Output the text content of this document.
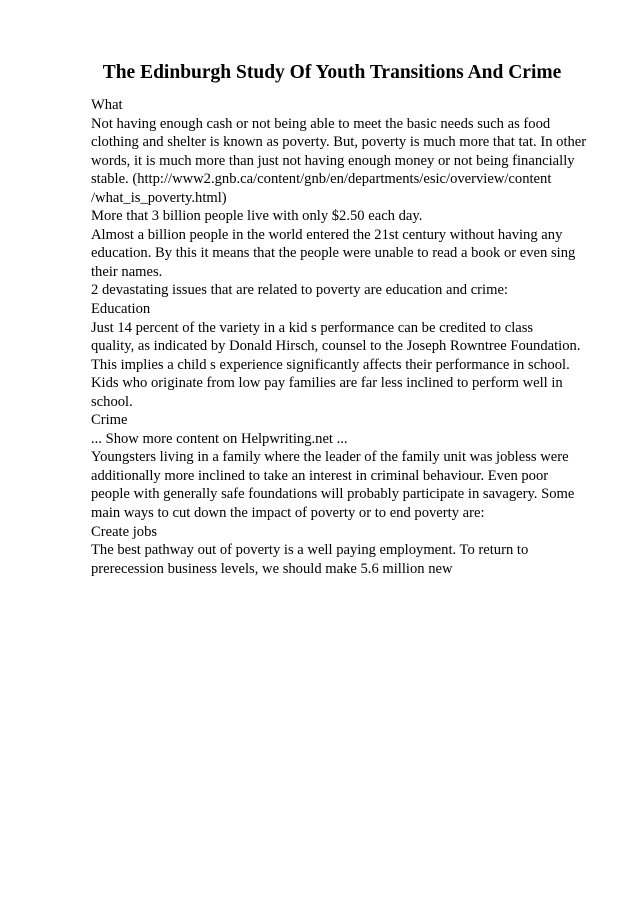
The Edinburgh Study Of Youth Transitions And Crime
What
Not having enough cash or not being able to meet the basic needs such as food
clothing and shelter is known as poverty. But, poverty is much more that tat. In other
words, it is much more than just not having enough money or not being financially
stable. (http://www2.gnb.ca/content/gnb/en/departments/esic/overview/content
/what_is_poverty.html)
More that 3 billion people live with only $2.50 each day.
Almost a billion people in the world entered the 21st century without having any
education. By this it means that the people were unable to read a book or even sing
their names.
2 devastating issues that are related to poverty are education and crime:
Education
Just 14 percent of the variety in a kid s performance can be credited to class
quality, as indicated by Donald Hirsch, counsel to the Joseph Rowntree Foundation.
This implies a child s experience significantly affects their performance in school.
Kids who originate from low pay families are far less inclined to perform well in
school.
Crime
... Show more content on Helpwriting.net ...
Youngsters living in a family where the leader of the family unit was jobless were
additionally more inclined to take an interest in criminal behaviour. Even poor
people with generally safe foundations will probably participate in savagery. Some
main ways to cut down the impact of poverty or to end poverty are:
Create jobs
The best pathway out of poverty is a well paying employment. To return to
prerecession business levels, we should make 5.6 million new
